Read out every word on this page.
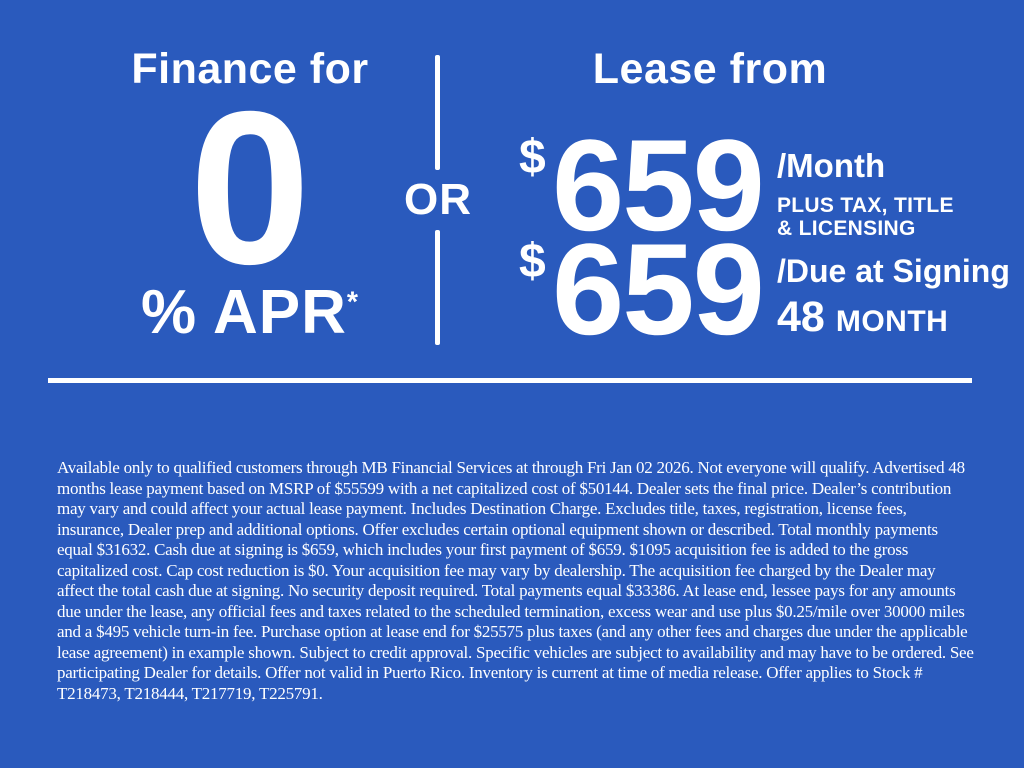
Finance for
0
% APR*
OR
Lease from
$ 659 /Month
PLUS TAX, TITLE
& LICENSING
$ 659 /Due at Signing
48 MONTH

Available only to qualified customers through MB Financial Services at through Fri Jan 02 2026. Not everyone will qualify. Advertised 48 months lease payment based on MSRP of $55599 with a net capitalized cost of $50144. Dealer sets the final price. Dealer’s contribution may vary and could affect your actual lease payment. Includes Destination Charge. Excludes title, taxes, registration, license fees, insurance, Dealer prep and additional options. Offer excludes certain optional equipment shown or described. Total monthly payments equal $31632. Cash due at signing is $659, which includes your first payment of $659. $1095 acquisition fee is added to the gross capitalized cost. Cap cost reduction is $0. Your acquisition fee may vary by dealership. The acquisition fee charged by the Dealer may affect the total cash due at signing. No security deposit required. Total payments equal $33386. At lease end, lessee pays for any amounts due under the lease, any official fees and taxes related to the scheduled termination, excess wear and use plus $0.25/mile over 30000 miles and a $495 vehicle turn-in fee. Purchase option at lease end for $25575 plus taxes (and any other fees and charges due under the applicable lease agreement) in example shown. Subject to credit approval. Specific vehicles are subject to availability and may have to be ordered. See participating Dealer for details. Offer not valid in Puerto Rico. Inventory is current at time of media release. Offer applies to Stock # T218473, T218444, T217719, T225791.
